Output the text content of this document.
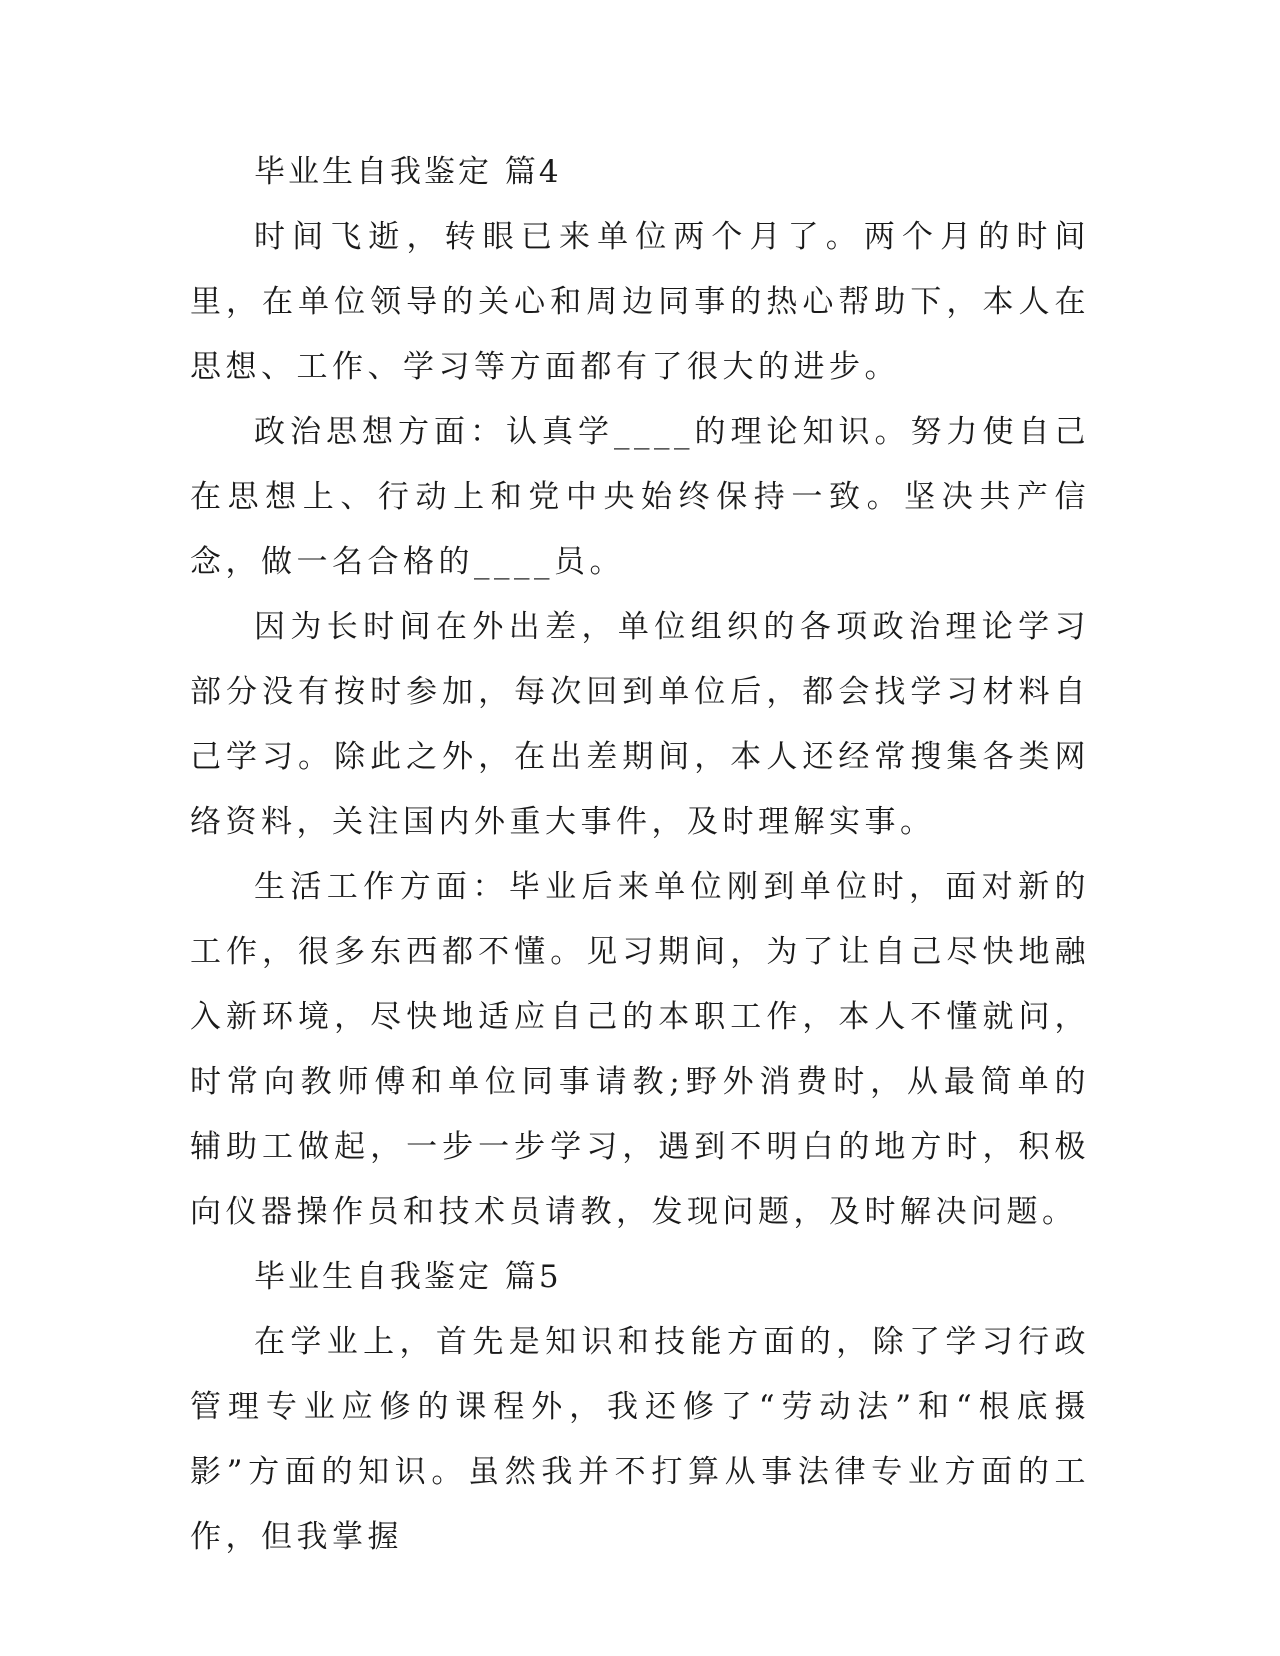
毕业生自我鉴定 篇4

时间飞逝，转眼已来单位两个月了。两个月的时间里，在单位领导的关心和周边同事的热心帮助下，本人在思想、工作、学习等方面都有了很大的进步。

政治思想方面：认真学____的理论知识。努力使自己在思想上、行动上和党中央始终保持一致。坚决共产信念，做一名合格的____员。

因为长时间在外出差，单位组织的各项政治理论学习部分没有按时参加，每次回到单位后，都会找学习材料自己学习。除此之外，在出差期间，本人还经常搜集各类网络资料，关注国内外重大事件，及时理解实事。

生活工作方面：毕业后来单位刚到单位时，面对新的工作，很多东西都不懂。见习期间，为了让自己尽快地融入新环境，尽快地适应自己的本职工作，本人不懂就问，时常向教师傅和单位同事请教;野外消费时，从最简单的辅助工做起，一步一步学习，遇到不明白的地方时，积极向仪器操作员和技术员请教，发现问题，及时解决问题。

毕业生自我鉴定 篇5

在学业上，首先是知识和技能方面的，除了学习行政管理专业应修的课程外，我还修了“劳动法”和“根底摄影”方面的知识。虽然我并不打算从事法律专业方面的工作，但我掌握
